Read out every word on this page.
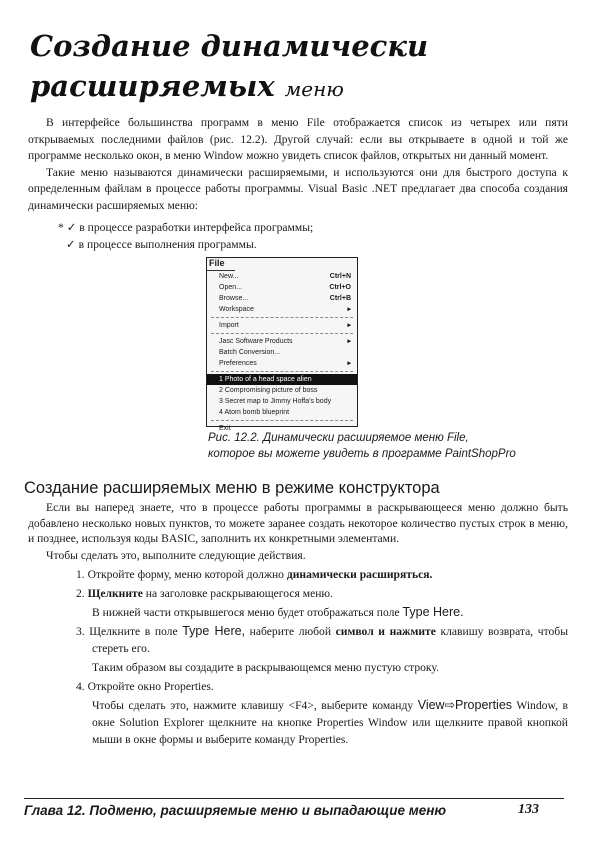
Создание динамически
расширяемых меню
В интерфейсе большинства программ в меню File отображается список из четырех или пяти открываемых последними файлов (рис. 12.2). Другой случай: если вы открываете в одной и той же программе несколько окон, в меню Window можно увидеть список файлов, открытых ни данный момент.
Такие меню называются динамически расширяемыми, и используются они для быстрого доступа к определенным файлам в процессе работы программы. Visual Basic .NET предлагает два способа создания динамически расширяемых меню:
* ✓ в процессе разработки интерфейса программы;
✓ в процессе выполнения программы.
File
New...	Ctrl+N
Open...	Ctrl+O
Browse...	Ctrl+B
Workspace	▸
Import	▸
Jasc Software Products	▸
Batch Conversion...
Preferences	▸
1 Photo of a head space alien
2 Compromising picture of boss
3 Secret map to Jimmy Hoffa's body
4 Atom bomb blueprint
Exit
Рис. 12.2. Динамически расширяемое меню File,
которое вы можете увидеть в программе PaintShopPro
Создание расширяемых меню в режиме конструктора
Если вы наперед знаете, что в процессе работы программы в раскрывающееся меню должно быть добавлено несколько новых пунктов, то можете заранее создать некоторое количество пустых строк в меню, и позднее, используя коды BASIC, заполнить их конкретными элементами.
Чтобы сделать это, выполните следующие действия.
1. Откройте форму, меню которой должно динамически расширяться.
2. Щелкните на заголовке раскрывающегося меню.
В нижней части открывшегося меню будет отображаться поле Type Here.
3. Щелкните в поле Type Here, наберите любой символ и нажмите клавишу возврата, чтобы стереть его.
Таким образом вы создадите в раскрывающемся меню пустую строку.
4. Откройте окно Properties.
Чтобы сделать это, нажмите клавишу <F4>, выберите команду View⇨Properties Window, в окне Solution Explorer щелкните на кнопке Properties Window или щелкните правой кнопкой мыши в окне формы и выберите команду Properties.
Глава 12. Подменю, расширяемые меню и выпадающие меню	133
